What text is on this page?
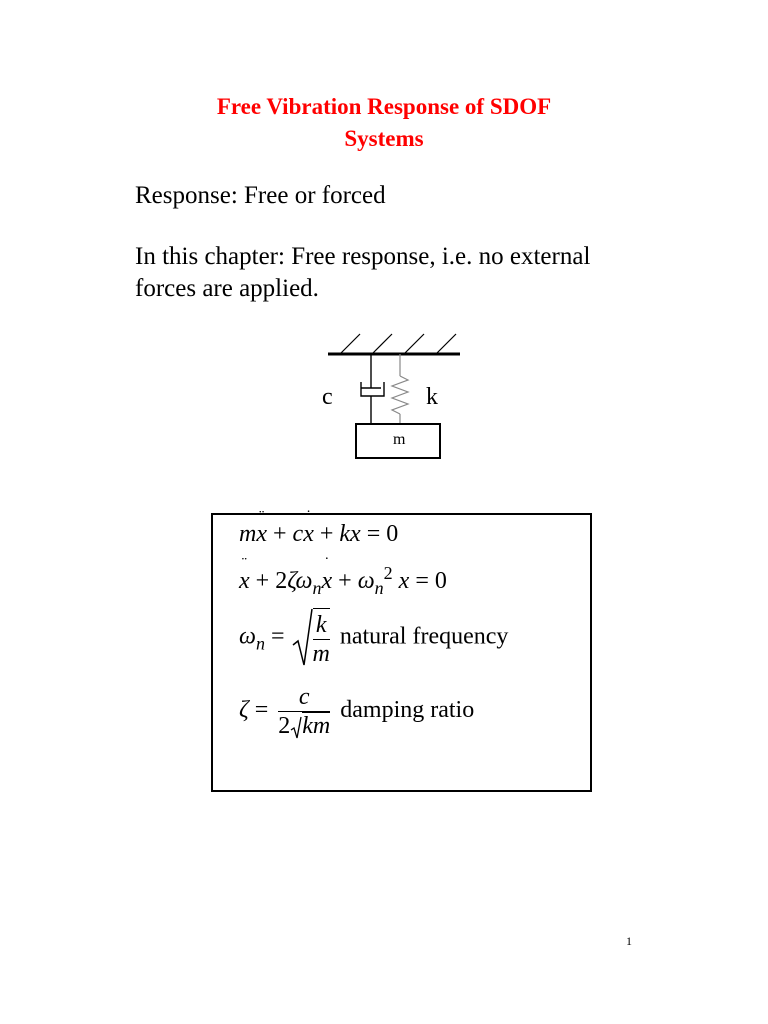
Free Vibration Response of SDOF
Systems
Response: Free or forced
In this chapter: Free response, i.e. no external
forces are applied.
c	k
m
m
¨
x + c
˙
x + kx = 0
¨
$x + 2\zeta\omega_n$
˙
$x + \omega_n^2$ x = 0
$\omega_n = \frac{k}{m}$ natural frequency
$\zeta = \frac{c}{2 km}$ damping ratio
1
